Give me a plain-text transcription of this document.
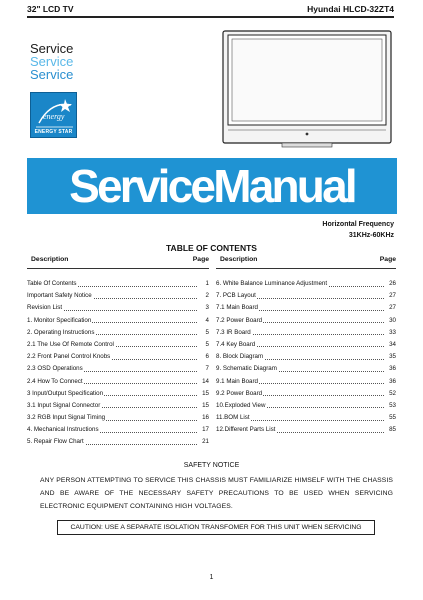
32" LCD TV	Hyundai HLCD-32ZT4
Service
Service
Service
energy
ENERGY STAR
ServiceManual
Horizontal Frequency
31KHz-60KHz
TABLE OF CONTENTS
Description	Page
Table Of Contents	1
Important Safety Notice	2
Revision List	3
1. Monitor Specification	4
2. Operating Instructions	5
2.1 The Use Of Remote Control	5
2.2 Front Panel Control Knobs	6
2.3 OSD Operations	7
2.4 How To Connect	14
3 Input/Output Specification	15
3.1 Input Signal Connector	15
3.2 RGB Input Signal Timing	16
4. Mechanical Instructions	17
5. Repair Flow Chart	21
Description	Page
6. White Balance Luminance Adjustment	26
7. PCB Layout	27
7.1 Main Board	27
7.2 Power Board	30
7.3 IR Board	33
7.4 Key Board	34
8. Block Diagram	35
9. Schematic Diagram	36
9.1 Main Board	36
9.2 Power Board	52
10.Exploded View	53
11.BOM List	55
12.Different Parts List	85
SAFETY NOTICE
ANY PERSON ATTEMPTING TO SERVICE THIS CHASSIS MUST FAMILIARIZE HIMSELF WITH THE CHASSIS AND BE AWARE OF THE NECESSARY SAFETY PRECAUTIONS TO BE USED WHEN SERVICING ELECTRONIC EQUIPMENT CONTAINING HIGH VOLTAGES.
CAUTION: USE A SEPARATE ISOLATION TRANSFOMER FOR THIS UNIT WHEN SERVICING
1
